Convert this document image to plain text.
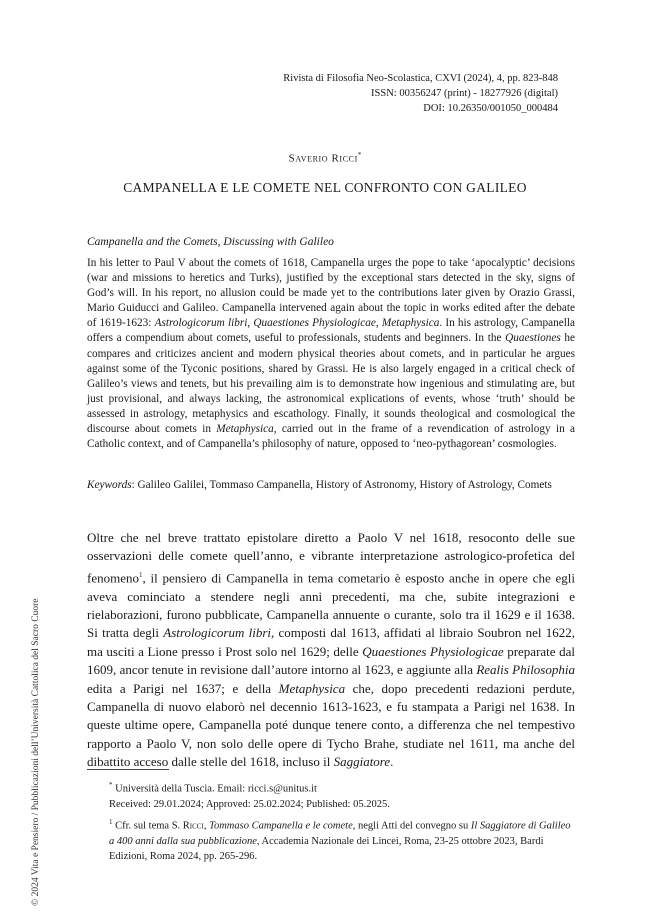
Rivista di Filosofia Neo-Scolastica, CXVI (2024), 4, pp. 823-848
ISSN: 00356247 (print) - 18277926 (digital)
DOI: 10.26350/001050_000484
Saverio Ricci*
CAMPANELLA E LE COMETE NEL CONFRONTO CON GALILEO
Campanella and the Comets, Discussing with Galileo
In his letter to Paul V about the comets of 1618, Campanella urges the pope to take ‘apocalyptic’ decisions (war and missions to heretics and Turks), justified by the exceptional stars detected in the sky, signs of God’s will. In his report, no allusion could be made yet to the contributions later given by Orazio Grassi, Mario Guiducci and Galileo. Campanella intervened again about the topic in works edited after the debate of 1619-1623: Astrologicorum libri, Quaestiones Physiologicae, Metaphysica. In his astrology, Campanella offers a compendium about comets, useful to professionals, students and beginners. In the Quaestiones he compares and criticizes ancient and modern physical theories about comets, and in particular he argues against some of the Tyconic positions, shared by Grassi. He is also largely engaged in a critical check of Galileo’s views and tenets, but his prevailing aim is to demonstrate how ingenious and stimulating are, but just provisional, and always lacking, the astronomical explications of events, whose ‘truth’ should be assessed in astrology, metaphysics and escathology. Finally, it sounds theological and cosmological the discourse about comets in Metaphysica, carried out in the frame of a revendication of astrology in a Catholic context, and of Campanella’s philosophy of nature, opposed to ‘neo-pythagorean’ cosmologies.
Keywords: Galileo Galilei, Tommaso Campanella, History of Astronomy, History of Astrology, Comets
Oltre che nel breve trattato epistolare diretto a Paolo V nel 1618, resoconto delle sue osservazioni delle comete quell’anno, e vibrante interpretazione astrologico-profetica del fenomeno$^1$, il pensiero di Campanella in tema cometario è esposto anche in opere che egli aveva cominciato a stendere negli anni precedenti, ma che, subite integrazioni e rielaborazioni, furono pubblicate, Campanella annuente o curante, solo tra il 1629 e il 1638. Si tratta degli Astrologicorum libri, composti dal 1613, affidati al libraio Soubron nel 1622, ma usciti a Lione presso i Prost solo nel 1629; delle Quaestiones Physiologicae preparate dal 1609, ancor tenute in revisione dall’autore intorno al 1623, e aggiunte alla Realis Philosophia edita a Parigi nel 1637; e della Metaphysica che, dopo precedenti redazioni perdute, Campanella di nuovo elaborò nel decennio 1613-1623, e fu stampata a Parigi nel 1638. In queste ultime opere, Campanella poté dunque tenere conto, a differenza che nel tempestivo rapporto a Paolo V, non solo delle opere di Tycho Brahe, studiate nel 1611, ma anche del dibattito acceso dalle stelle del 1618, incluso il Saggiatore.
* Università della Tuscia. Email: ricci.s@unitus.it
Received: 29.01.2024; Approved: 25.02.2024; Published: 05.2025.
$^1$ Cfr. sul tema S. Ricci, Tommaso Campanella e le comete, negli Atti del convegno su Il Saggiatore di Galileo a 400 anni dalla sua pubblicazione, Accademia Nazionale dei Lincei, Roma, 23-25 ottobre 2023, Bardi Edizioni, Roma 2024, pp. 265-296.
© 2024 Vita e Pensiero / Pubblicazioni dell’Università Cattolica del Sacro Cuore
